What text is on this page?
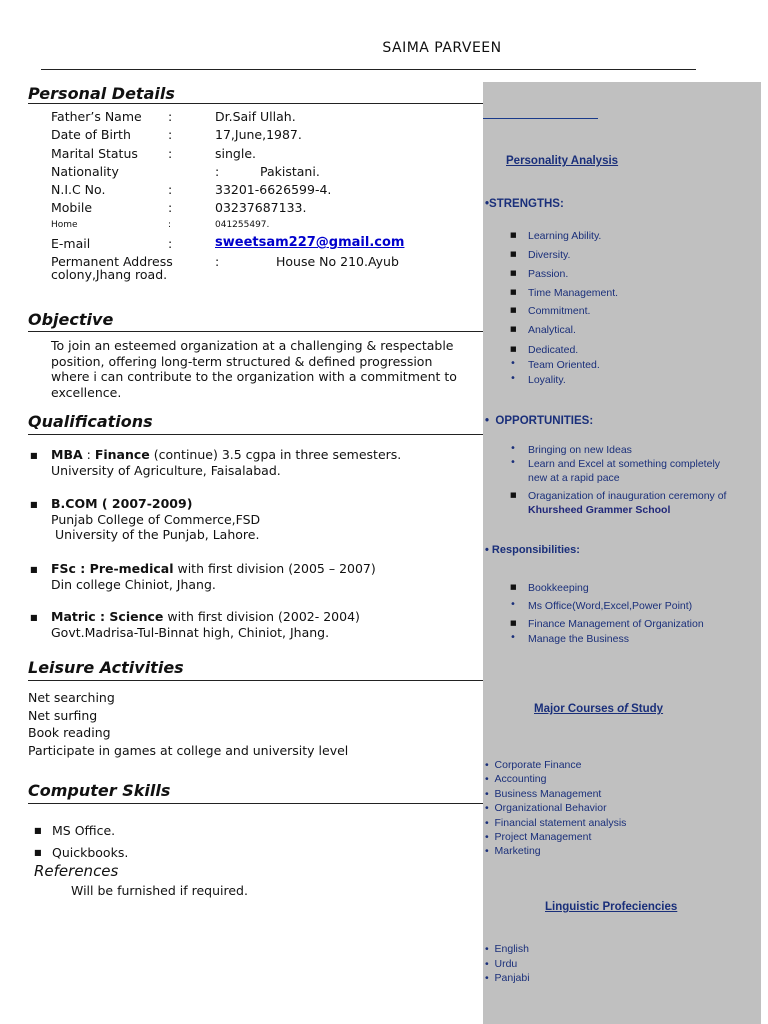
SAIMA PARVEEN
Personal Details
Father’s Name :	Dr.Saif Ullah.
Date of Birth	:	17,June,1987.
Marital Status :	single.
Nationality	:	Pakistani.
N.I.C No.	:	33201-6626599-4.
Mobile	:	03237687133.
Home	:	041255497.
E-mail	:	sweetsam227@gmail.com
Permanent Address	:	House No 210.Ayub
colony,Jhang road.
Objective
To join an esteemed organization at a challenging & respectable
position, offering long-term structured & defined progression
where i can contribute to the organization with a commitment to
excellence.
Qualifications
■ MBA : Finance (continue) 3.5 cgpa in three semesters.
University of Agriculture, Faisalabad.
■ B.COM ( 2007-2009)
Punjab College of Commerce,FSD
University of the Punjab, Lahore.
■ FSc : Pre-medical with first division (2005 – 2007)
Din college Chiniot, Jhang.
■ Matric : Science with first division (2002- 2004)
Govt.Madrisa-Tul-Binnat high, Chiniot, Jhang.
Leisure Activities
Net searching
Net surfing
Book reading
Participate in games at college and university level
Computer Skills
■ MS Office.
■ Quickbooks.
References
Will be furnished if required.
Personality Analysis
•STRENGTHS:
■ Learning Ability.
■ Diversity.
■ Passion.
■ Time Management.
■ Commitment.
■ Analytical.
■ Dedicated.
• Team Oriented.
• Loyality.
•  OPPORTUNITIES:
• Bringing on new Ideas
• Learn and Excel at something completely
new at a rapid pace
■ Oraganization of inauguration ceremony of
Khursheed Grammer School
• Responsibilities:
■ Bookkeeping
• Ms Office(Word,Excel,Power Point)
■ Finance Management of Organization
• Manage the Business
Major Courses of Study
•  Corporate Finance
•  Accounting
•  Business Management
•  Organizational Behavior
•  Financial statement analysis
•  Project Management
•  Marketing
Linguistic Profeciencies
•  English
•  Urdu
•  Panjabi
